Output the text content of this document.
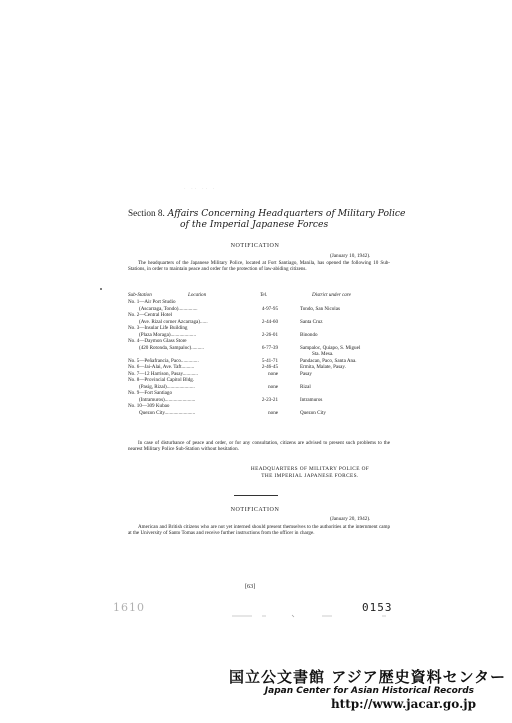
· ·· ·· ·
Section 8. Affairs Concerning Headquarters of Military Police
of the Imperial Japanese Forces
NOTIFICATION
(January 10, 1942).
The headquarters of the Japanese Military Police, located at Fort Santiago, Manila, has opened the following 10 Sub-Stations, in order to maintain peace and order for the protection of law-abiding citizens.
Sub-Station	Location	Tel.	District under care
No. 1—Air Port Studio
(Ascarraga, Tondo)...............	4-97-95	Tondo, San Nicolas
No. 2—Central Hotel
(Ave. Rizal corner Azcarraga)......	2-44-60	Santa Cruz
No. 3—Insular Life Building
(Plaza Moraga)....................	2-26-01	Binondo
No. 4—Daymon Glass Store
(420 Rotonda, Sampaloc)..........	6-77-39	Sampaloc, Quiapo, S. Miguel
Sta. Mesa.
No. 5—Peñafrancia, Paco..............	5-41-71	Pandacan, Paco, Santa Ana.
No. 6—Jai-Alai, Ave. Taft..........	2-46-45	Ermita, Malate, Pasay.
No. 7—12 Harrison, Pasay............	none	Pasay
No. 8—Provincial Capitol Bldg.
(Pasig, Rizal)......................	none	Rizal
No. 9—Fort Santiago
(Intramuros)........................	2-23-21	Intramuros
No. 10—309 Kubao
Quezon City........................	none	Quezon City
In case of disturbance of peace and order, or for any consultation, citizens are advised to present such problems to the nearest Military Police Sub-Station without hesitation.
HEADQUARTERS OF MILITARY POLICE OF
THE IMPERIAL JAPANESE FORCES.
NOTIFICATION
(January 20, 1942).
American and British citizens who are not yet interned should present themselves to the authorities at the internment camp at the University of Santo Tomas and receive further instructions from the officer in charge.
[63]
1610	0153
国立公文書館 アジア歴史資料センター
Japan Center for Asian Historical Records
http://www.jacar.go.jp
